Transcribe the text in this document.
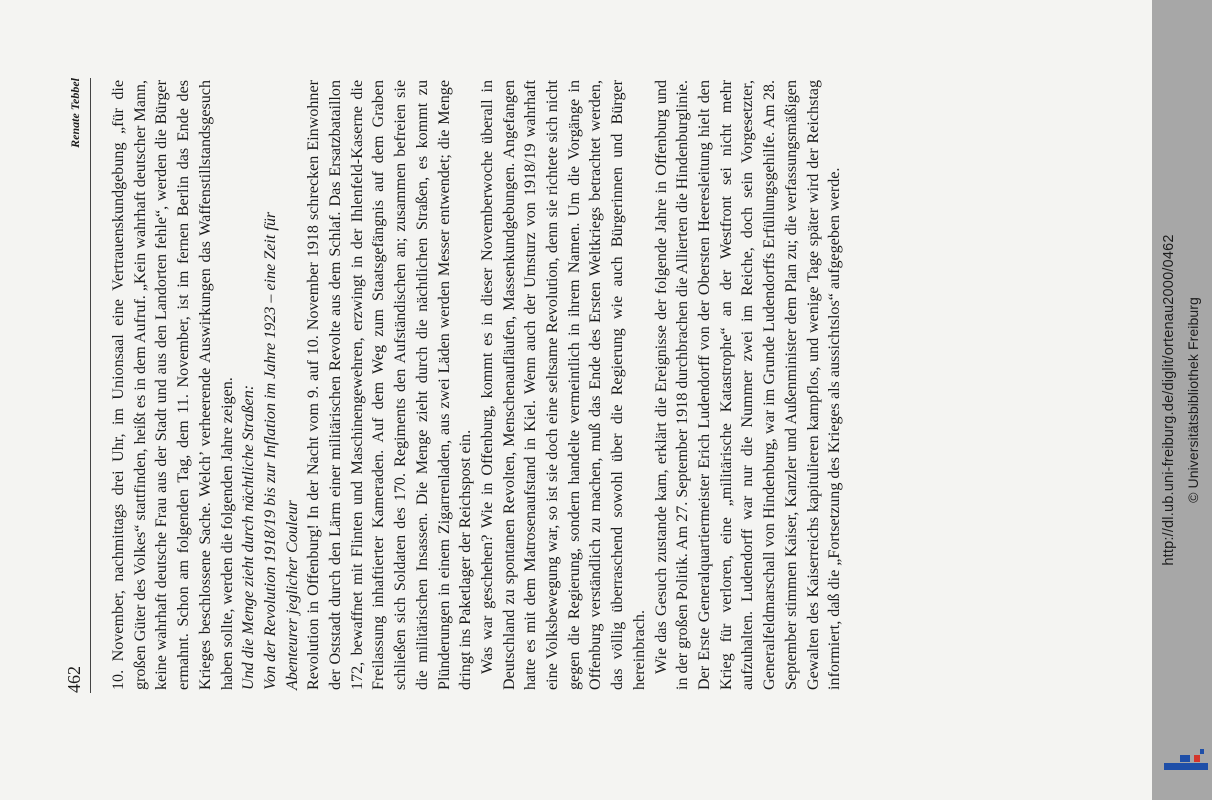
462
Renate Tebbel 10. November, nachmittags drei Uhr, im Unionsaal eine Vertrauenskundgebung „für die großen Güter des Volkes“ stattfinden, heißt es in dem Aufruf. „Kein wahrhaft deutscher Mann, keine wahrhaft deutsche Frau aus der Stadt und aus den Landorten fehle“, werden die Bürger ermahnt. Schon am folgenden Tag, dem 11. November, ist im fernen Berlin das Ende des Krieges beschlossene Sache. Welch’ verheerende Auswirkungen das Waffenstillstandsgesuch haben sollte, werden die folgenden Jahre zeigen. Und die Menge zieht durch nächtliche Straßen: Von der Revolution 1918/19 bis zur Inflation im Jahre 1923 – eine Zeit für Abenteurer jeglicher Couleur Revolution in Offenburg! In der Nacht vom 9. auf 10. November 1918 schrecken Einwohner der Oststadt durch den Lärm einer militärischen Revolte aus dem Schlaf. Das Ersatzbataillon 172, bewaffnet mit Flinten und Maschinengewehren, erzwingt in der Ihlenfeld-Kaserne die Freilassung inhaftierter Kameraden. Auf dem Weg zum Staatsgefängnis auf dem Graben schließen sich Soldaten des 170. Regiments den Aufständischen an; zusammen befreien sie die militärischen Insassen. Die Menge zieht durch die nächtlichen Straßen, es kommt zu Plünderungen in einem Zigarrenladen, aus zwei Läden werden Messer entwendet; die Menge dringt ins Paketlager der Reichspost ein. Was war geschehen? Wie in Offenburg, kommt es in dieser Novemberwoche überall in Deutschland zu spontanen Revolten, Menschenaufläufen, Massenkundgebungen. Angefangen hatte es mit dem Matrosenaufstand in Kiel. Wenn auch der Umsturz von 1918/19 wahrhaft eine Volksbewegung war, so ist sie doch eine seltsame Revolution, denn sie richtete sich nicht gegen die Regierung, sondern handelte vermeintlich in ihrem Namen. Um die Vorgänge in Offenburg verständlich zu machen, muß das Ende des Ersten Weltkriegs betrachtet werden, das völlig überraschend sowohl über die Regierung wie auch Bürgerinnen und Bürger hereinbrach. Wie das Gesuch zustande kam, erklärt die Ereignisse der folgende Jahre in Offenburg und in der großen Politik. Am 27. September 1918 durchbrachen die Allierten die Hindenburglinie. Der Erste Generalquartiermeister Erich Ludendorff von der Obersten Heeresleitung hielt den Krieg für verloren, eine „militärische Katastrophe“ an der Westfront sei nicht mehr aufzuhalten. Ludendorff war nur die Nummer zwei im Reiche, doch sein Vorgesetzter, Generalfeldmarschall von Hindenburg, war im Grunde Ludendorffs Erfüllungsgehilfe. Am 28. September stimmen Kaiser, Kanzler und Außenminister dem Plan zu; die verfassungsmäßigen Gewalten des Kaiserreichs kapitulieren kampflos, und wenige Tage später wird der Reichstag informiert, daß die „Fortsetzung des Krieges als aussichtslos“ aufgegeben werde.	http://dl.ub.uni-freiburg.de/diglit/ortenau2000/0462 © Universitätsbibliothek Freiburg
